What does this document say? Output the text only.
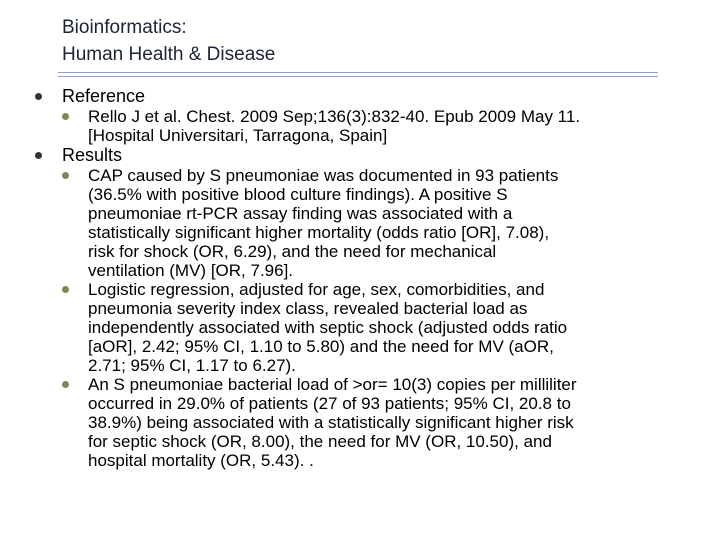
Bioinformatics:
Human Health & Disease
Reference
Rello J et al. Chest. 2009 Sep;136(3):832-40. Epub 2009 May 11.
[Hospital Universitari, Tarragona, Spain]
Results
CAP caused by S pneumoniae was documented in 93 patients
(36.5% with positive blood culture findings). A positive S
pneumoniae rt-PCR assay finding was associated with a
statistically significant higher mortality (odds ratio [OR], 7.08),
risk for shock (OR, 6.29), and the need for mechanical
ventilation (MV) [OR, 7.96].
Logistic regression, adjusted for age, sex, comorbidities, and
pneumonia severity index class, revealed bacterial load as
independently associated with septic shock (adjusted odds ratio
[aOR], 2.42; 95% CI, 1.10 to 5.80) and the need for MV (aOR,
2.71; 95% CI, 1.17 to 6.27).
An S pneumoniae bacterial load of >or= 10(3) copies per milliliter
occurred in 29.0% of patients (27 of 93 patients; 95% CI, 20.8 to
38.9%) being associated with a statistically significant higher risk
for septic shock (OR, 8.00), the need for MV (OR, 10.50), and
hospital mortality (OR, 5.43). .
